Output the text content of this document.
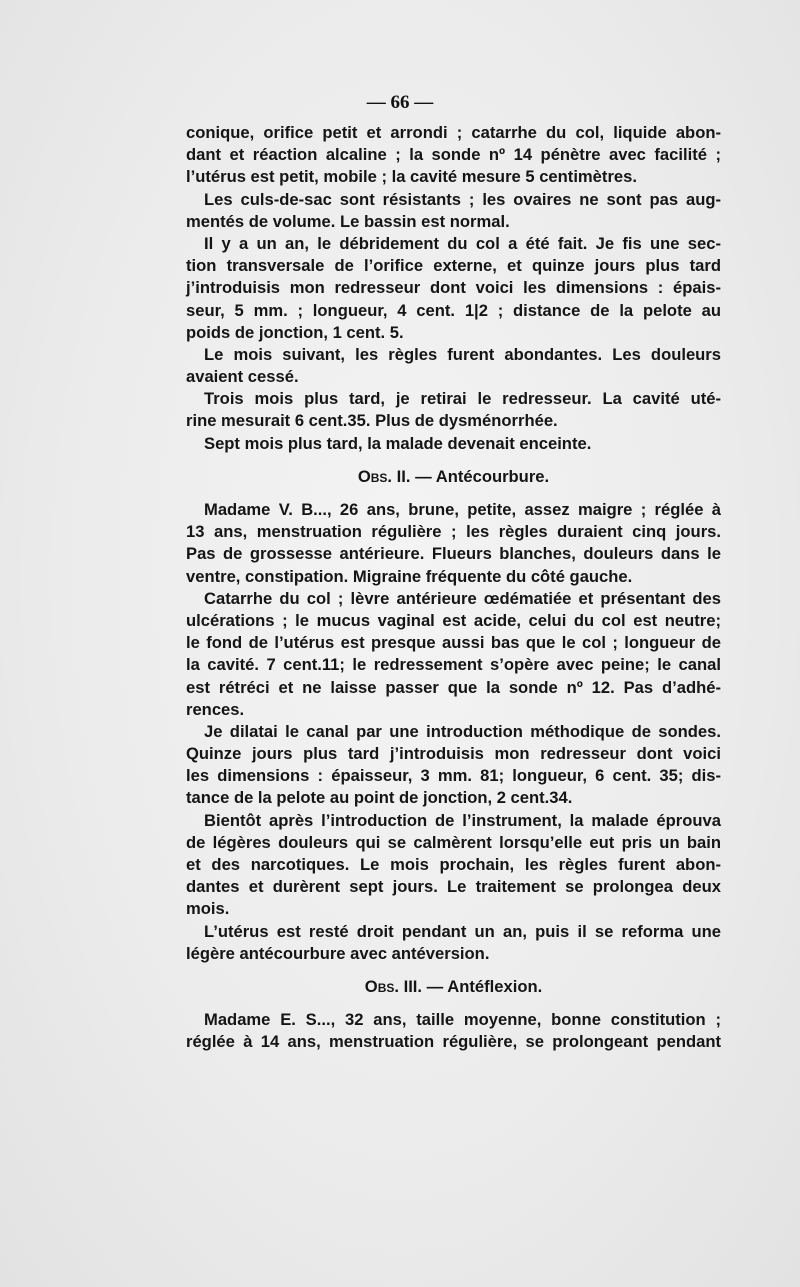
— 66 —
conique, orifice petit et arrondi ; catarrhe du col, liquide abon-
dant et réaction alcaline ; la sonde nº 14 pénètre avec facilité ;
l’utérus est petit, mobile ; la cavité mesure 5 centimètres.
Les culs-de-sac sont résistants ; les ovaires ne sont pas aug-
mentés de volume. Le bassin est normal.
Il y a un an, le débridement du col a été fait. Je fis une sec-
tion transversale de l’orifice externe, et quinze jours plus tard
j’introduisis mon redresseur dont voici les dimensions : épais-
seur, 5 mm. ; longueur, 4 cent. 1|2 ; distance de la pelote au
poids de jonction, 1 cent. 5.
Le mois suivant, les règles furent abondantes. Les douleurs
avaient cessé.
Trois mois plus tard, je retirai le redresseur. La cavité uté-
rine mesurait 6 cent.35. Plus de dysménorrhée.
Sept mois plus tard, la malade devenait enceinte.
Obs. II. — Antécourbure.
Madame V. B..., 26 ans, brune, petite, assez maigre ; réglée à
13 ans, menstruation régulière ; les règles duraient cinq jours.
Pas de grossesse antérieure. Flueurs blanches, douleurs dans le
ventre, constipation. Migraine fréquente du côté gauche.
Catarrhe du col ; lèvre antérieure œdématiée et présentant des
ulcérations ; le mucus vaginal est acide, celui du col est neutre;
le fond de l’utérus est presque aussi bas que le col ; longueur de
la cavité. 7 cent.11; le redressement s’opère avec peine; le canal
est rétréci et ne laisse passer que la sonde nº 12. Pas d’adhé-
rences.
Je dilatai le canal par une introduction méthodique de sondes.
Quinze jours plus tard j’introduisis mon redresseur dont voici
les dimensions : épaisseur, 3 mm. 81; longueur, 6 cent. 35; dis-
tance de la pelote au point de jonction, 2 cent.34.
Bientôt après l’introduction de l’instrument, la malade éprouva
de légères douleurs qui se calmèrent lorsqu’elle eut pris un bain
et des narcotiques. Le mois prochain, les règles furent abon-
dantes et durèrent sept jours. Le traitement se prolongea deux
mois.
L’utérus est resté droit pendant un an, puis il se reforma une
légère antécourbure avec antéversion.
Obs. III. — Antéflexion.
Madame E. S..., 32 ans, taille moyenne, bonne constitution ;
réglée à 14 ans, menstruation régulière, se prolongeant pendant
